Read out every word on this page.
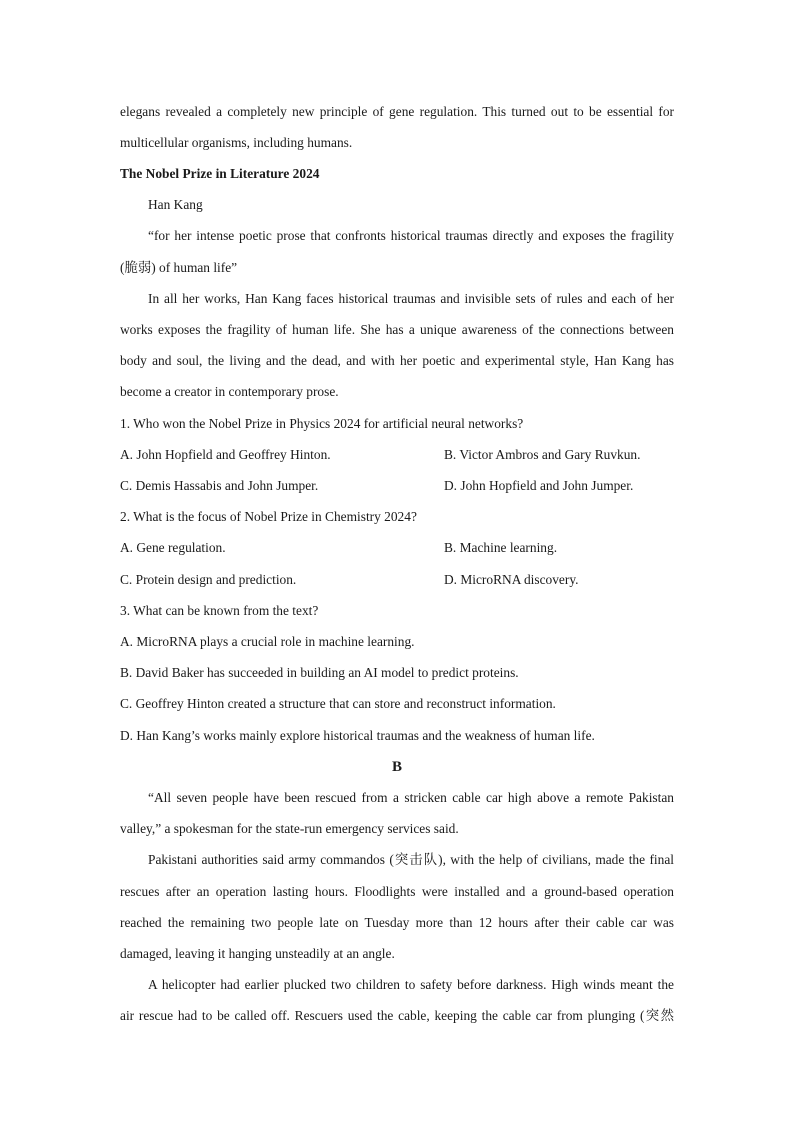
elegans revealed a completely new principle of gene regulation. This turned out to be essential for
multicellular organisms, including humans.
The Nobel Prize in Literature 2024
Han Kang
“for her intense poetic prose that confronts historical traumas directly and exposes the fragility
(脆弱) of human life”
In all her works, Han Kang faces historical traumas and invisible sets of rules and each of her
works exposes the fragility of human life. She has a unique awareness of the connections between
body and soul, the living and the dead, and with her poetic and experimental style, Han Kang has
become a creator in contemporary prose.
1. Who won the Nobel Prize in Physics 2024 for artificial neural networks?
A. John Hopfield and Geoffrey Hinton.	B. Victor Ambros and Gary Ruvkun.
C. Demis Hassabis and John Jumper.	D. John Hopfield and John Jumper.
2. What is the focus of Nobel Prize in Chemistry 2024?
A. Gene regulation.	B. Machine learning.
C. Protein design and prediction.	D. MicroRNA discovery.
3. What can be known from the text?
A. MicroRNA plays a crucial role in machine learning.
B. David Baker has succeeded in building an AI model to predict proteins.
C. Geoffrey Hinton created a structure that can store and reconstruct information.
D. Han Kang’s works mainly explore historical traumas and the weakness of human life.
B
“All seven people have been rescued from a stricken cable car high above a remote Pakistan
valley,” a spokesman for the state-run emergency services said.
Pakistani authorities said army commandos (突击队), with the help of civilians, made the final
rescues after an operation lasting hours. Floodlights were installed and a ground-based operation
reached the remaining two people late on Tuesday more than 12 hours after their cable car was
damaged, leaving it hanging unsteadily at an angle.
A helicopter had earlier plucked two children to safety before darkness. High winds meant the
air rescue had to be called off. Rescuers used the cable, keeping the cable car from plunging (突然
